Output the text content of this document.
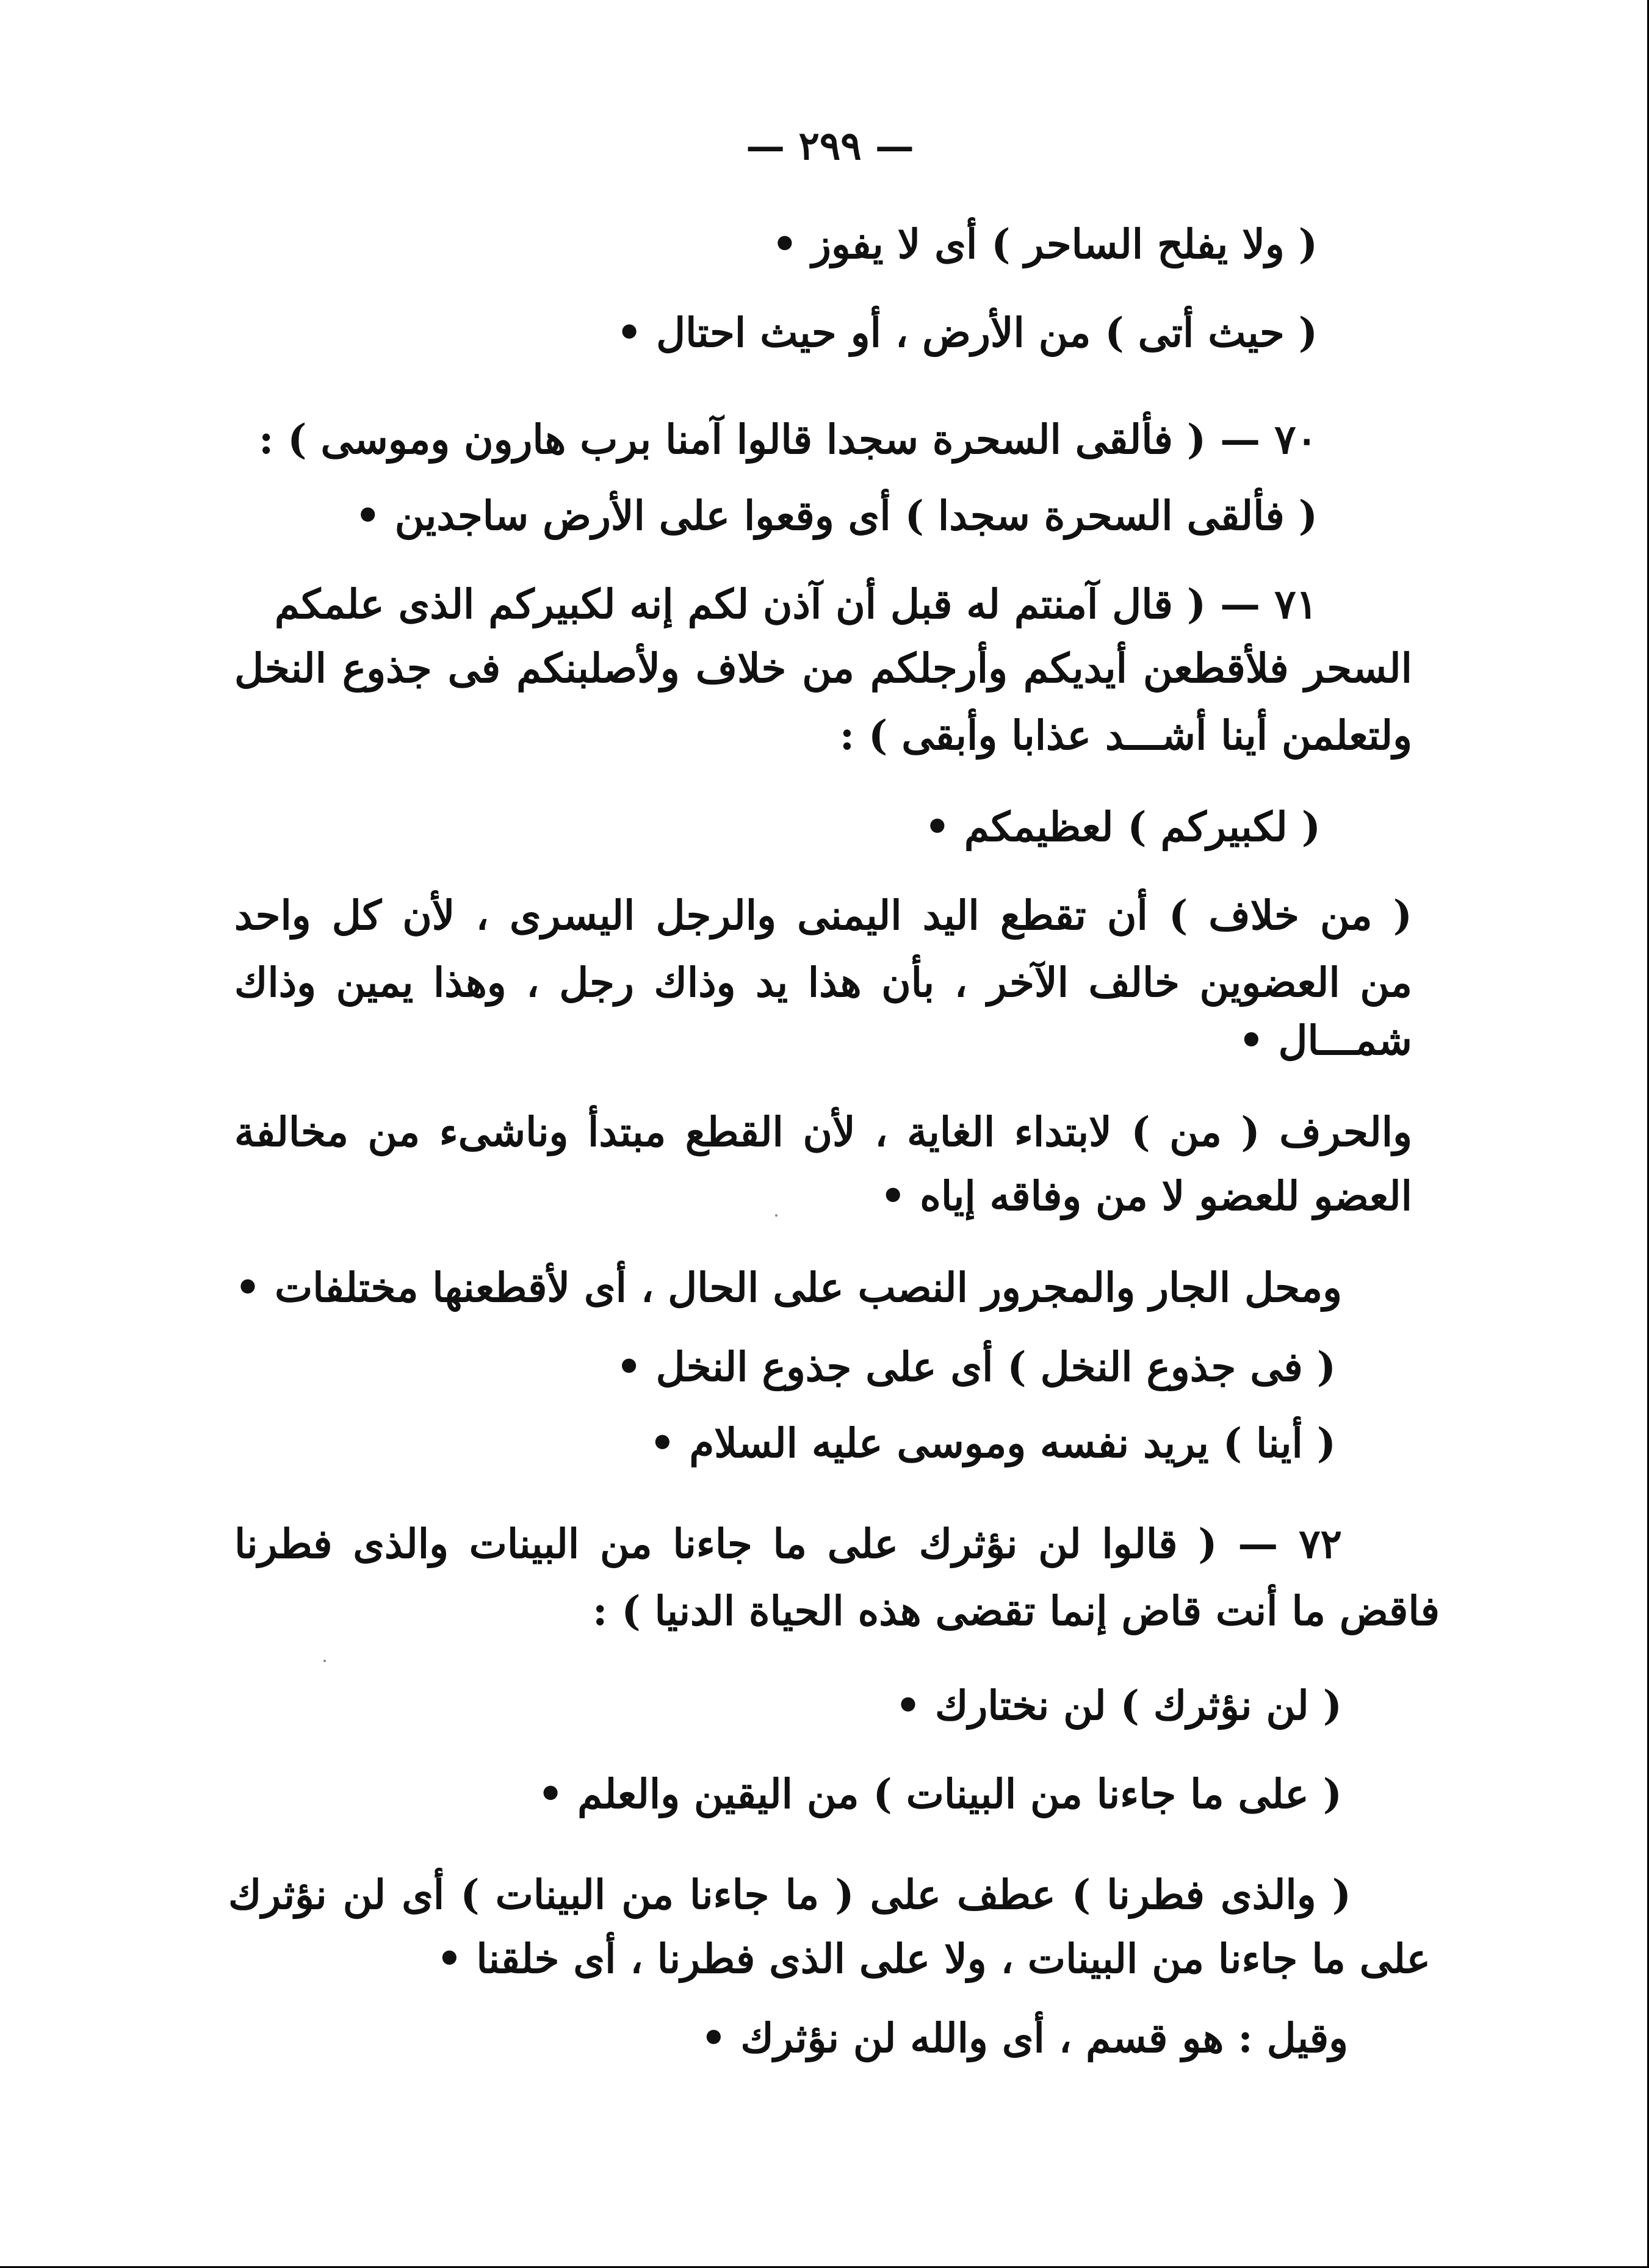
— ٢٩٩ —
( ولا يفلح الساحر ) أى لا يفوز •
( حيث أتى ) من الأرض ، أو حيث احتال •
٧٠ — ( فألقى السحرة سجدا قالوا آمنا برب هارون وموسى ) :
( فألقى السحرة سجدا ) أى وقعوا على الأرض ساجدين •
٧١ — ( قال آمنتم له قبل أن آذن لكم إنه لكبيركم الذى علمكم
السحر فلأقطعن أيديكم وأرجلكم من خلاف ولأصلبنكم فى جذوع النخل
ولتعلمن أينا أشـــد عذابا وأبقى ) :
( لكبيركم ) لعظيمكم •
( من خلاف ) أن تقطع اليد اليمنى والرجل اليسرى ، لأن كل واحد
من العضوين خالف الآخر ، بأن هذا يد وذاك رجل ، وهذا يمين وذاك
شمـــال •
والحرف ( من ) لابتداء الغاية ، لأن القطع مبتدأ وناشىء من مخالفة
العضو للعضو لا من وفاقه إياه •
ومحل الجار والمجرور النصب على الحال ، أى لأقطعنها مختلفات •
( فى جذوع النخل ) أى على جذوع النخل •
( أينا ) يريد نفسه وموسى عليه السلام •
٧٢ — ( قالوا لن نؤثرك على ما جاءنا من البينات والذى فطرنا
فاقض ما أنت قاض إنما تقضى هذه الحياة الدنيا ) :
( لن نؤثرك ) لن نختارك •
( على ما جاءنا من البينات ) من اليقين والعلم •
( والذى فطرنا ) عطف على ( ما جاءنا من البينات ) أى لن نؤثرك
على ما جاءنا من البينات ، ولا على الذى فطرنا ، أى خلقنا •
وقيل : هو قسم ، أى والله لن نؤثرك •
